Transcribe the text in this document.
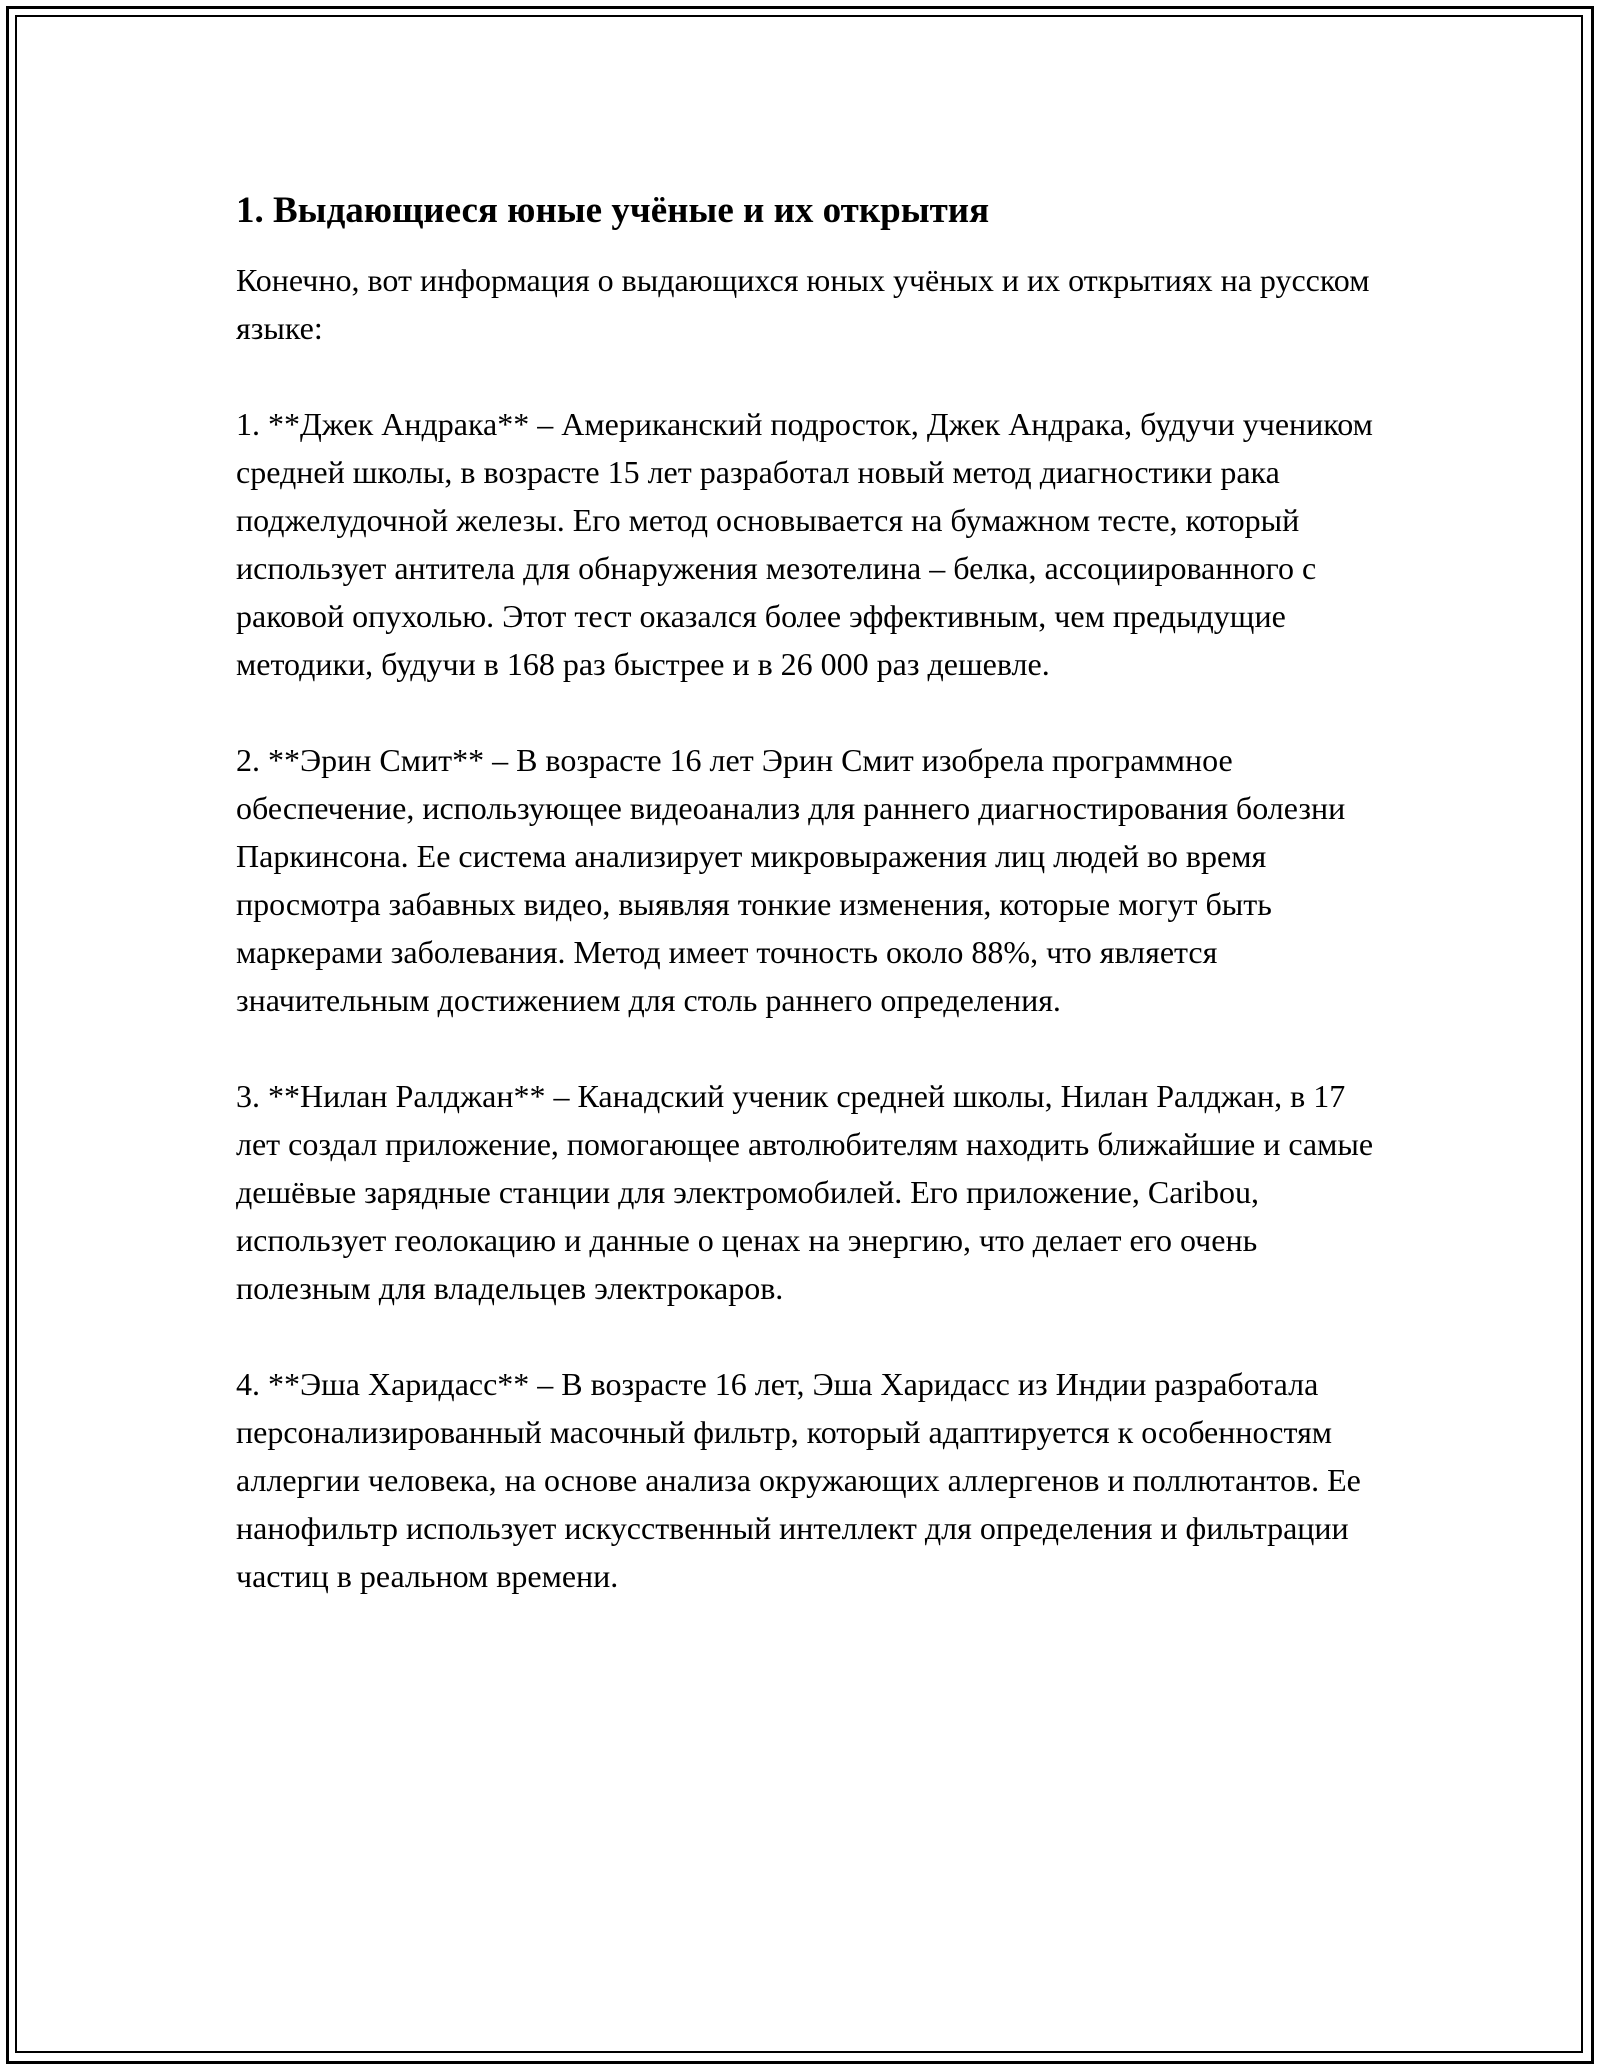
1. Выдающиеся юные учёные и их открытия

Конечно, вот информация о выдающихся юных учёных и их открытиях на русском языке:

1. **Джек Андрака** – Американский подросток, Джек Андрака, будучи учеником средней школы, в возрасте 15 лет разработал новый метод диагностики рака поджелудочной железы. Его метод основывается на бумажном тесте, который использует антитела для обнаружения мезотелина – белка, ассоциированного с раковой опухолью. Этот тест оказался более эффективным, чем предыдущие методики, будучи в 168 раз быстрее и в 26 000 раз дешевле.

2. **Эрин Смит** – В возрасте 16 лет Эрин Смит изобрела программное обеспечение, использующее видеоанализ для раннего диагностирования болезни Паркинсона. Ее система анализирует микровыражения лиц людей во время просмотра забавных видео, выявляя тонкие изменения, которые могут быть маркерами заболевания. Метод имеет точность около 88%, что является значительным достижением для столь раннего определения.

3. **Нилан Ралджан** – Канадский ученик средней школы, Нилан Ралджан, в 17 лет создал приложение, помогающее автолюбителям находить ближайшие и самые дешёвые зарядные станции для электромобилей. Его приложение, Caribou, использует геолокацию и данные о ценах на энергию, что делает его очень полезным для владельцев электрокаров.

4. **Эша Харидасс** – В возрасте 16 лет, Эша Харидасс из Индии разработала персонализированный масочный фильтр, который адаптируется к особенностям аллергии человека, на основе анализа окружающих аллергенов и поллютантов. Ее нанофильтр использует искусственный интеллект для определения и фильтрации частиц в реальном времени.
